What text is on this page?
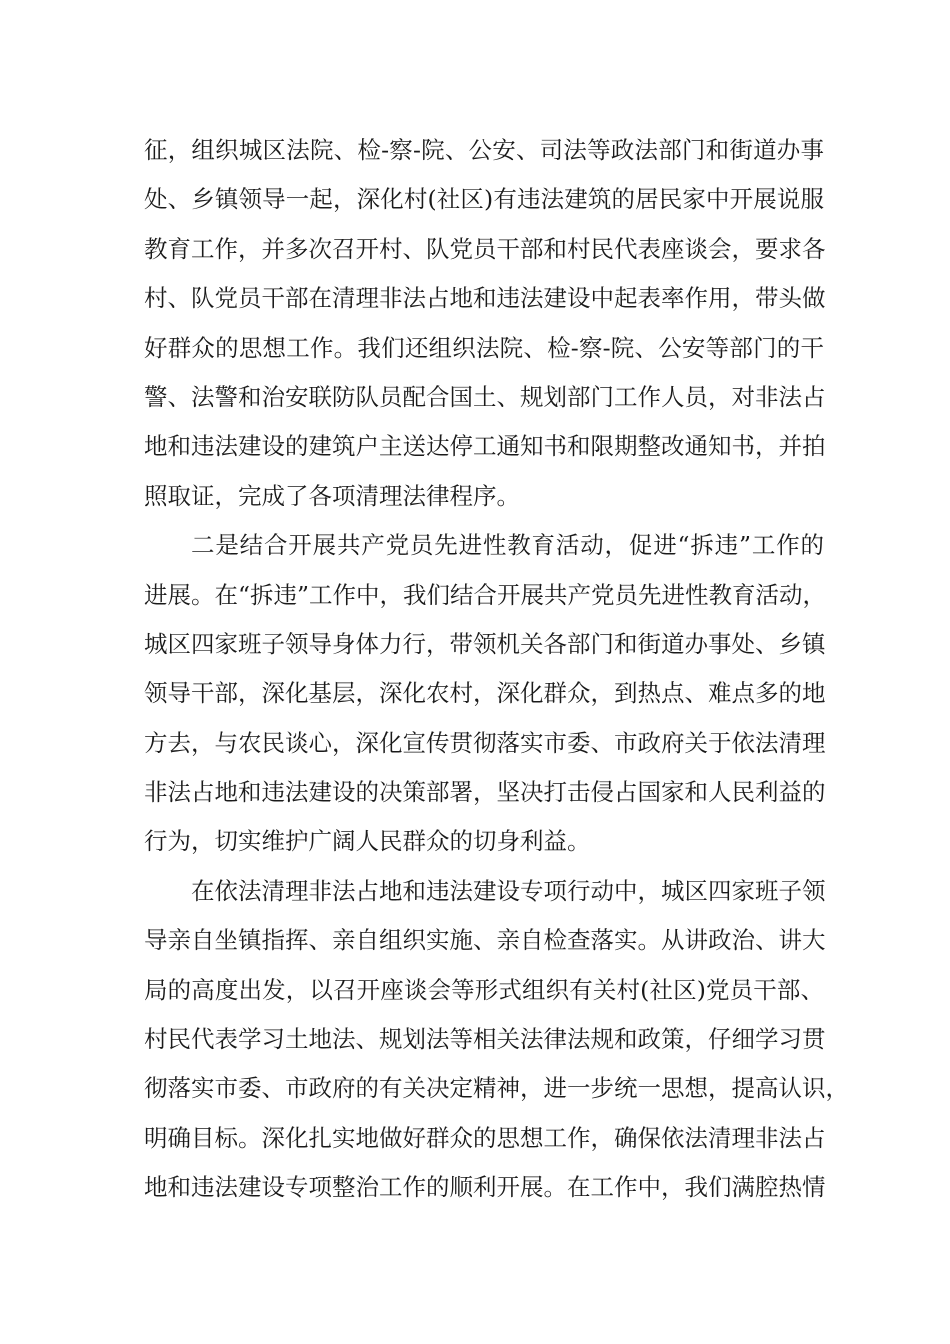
征，组织城区法院、检-察-院、公安、司法等政法部门和街道办事
处、乡镇领导一起，深化村(社区)有违法建筑的居民家中开展说服
教育工作，并多次召开村、队党员干部和村民代表座谈会，要求各
村、队党员干部在清理非法占地和违法建设中起表率作用，带头做
好群众的思想工作。我们还组织法院、检-察-院、公安等部门的干
警、法警和治安联防队员配合国土、规划部门工作人员，对非法占
地和违法建设的建筑户主送达停工通知书和限期整改通知书，并拍
照取证，完成了各项清理法律程序。
二是结合开展共产党员先进性教育活动，促进“拆违”工作的
进展。在“拆违”工作中，我们结合开展共产党员先进性教育活动，
城区四家班子领导身体力行，带领机关各部门和街道办事处、乡镇
领导干部，深化基层，深化农村，深化群众，到热点、难点多的地
方去，与农民谈心，深化宣传贯彻落实市委、市政府关于依法清理
非法占地和违法建设的决策部署，坚决打击侵占国家和人民利益的
行为，切实维护广阔人民群众的切身利益。
在依法清理非法占地和违法建设专项行动中，城区四家班子领
导亲自坐镇指挥、亲自组织实施、亲自检查落实。从讲政治、讲大
局的高度出发，以召开座谈会等形式组织有关村(社区)党员干部、
村民代表学习土地法、规划法等相关法律法规和政策，仔细学习贯
彻落实市委、市政府的有关决定精神，进一步统一思想，提高认识，
明确目标。深化扎实地做好群众的思想工作，确保依法清理非法占
地和违法建设专项整治工作的顺利开展。在工作中，我们满腔热情
